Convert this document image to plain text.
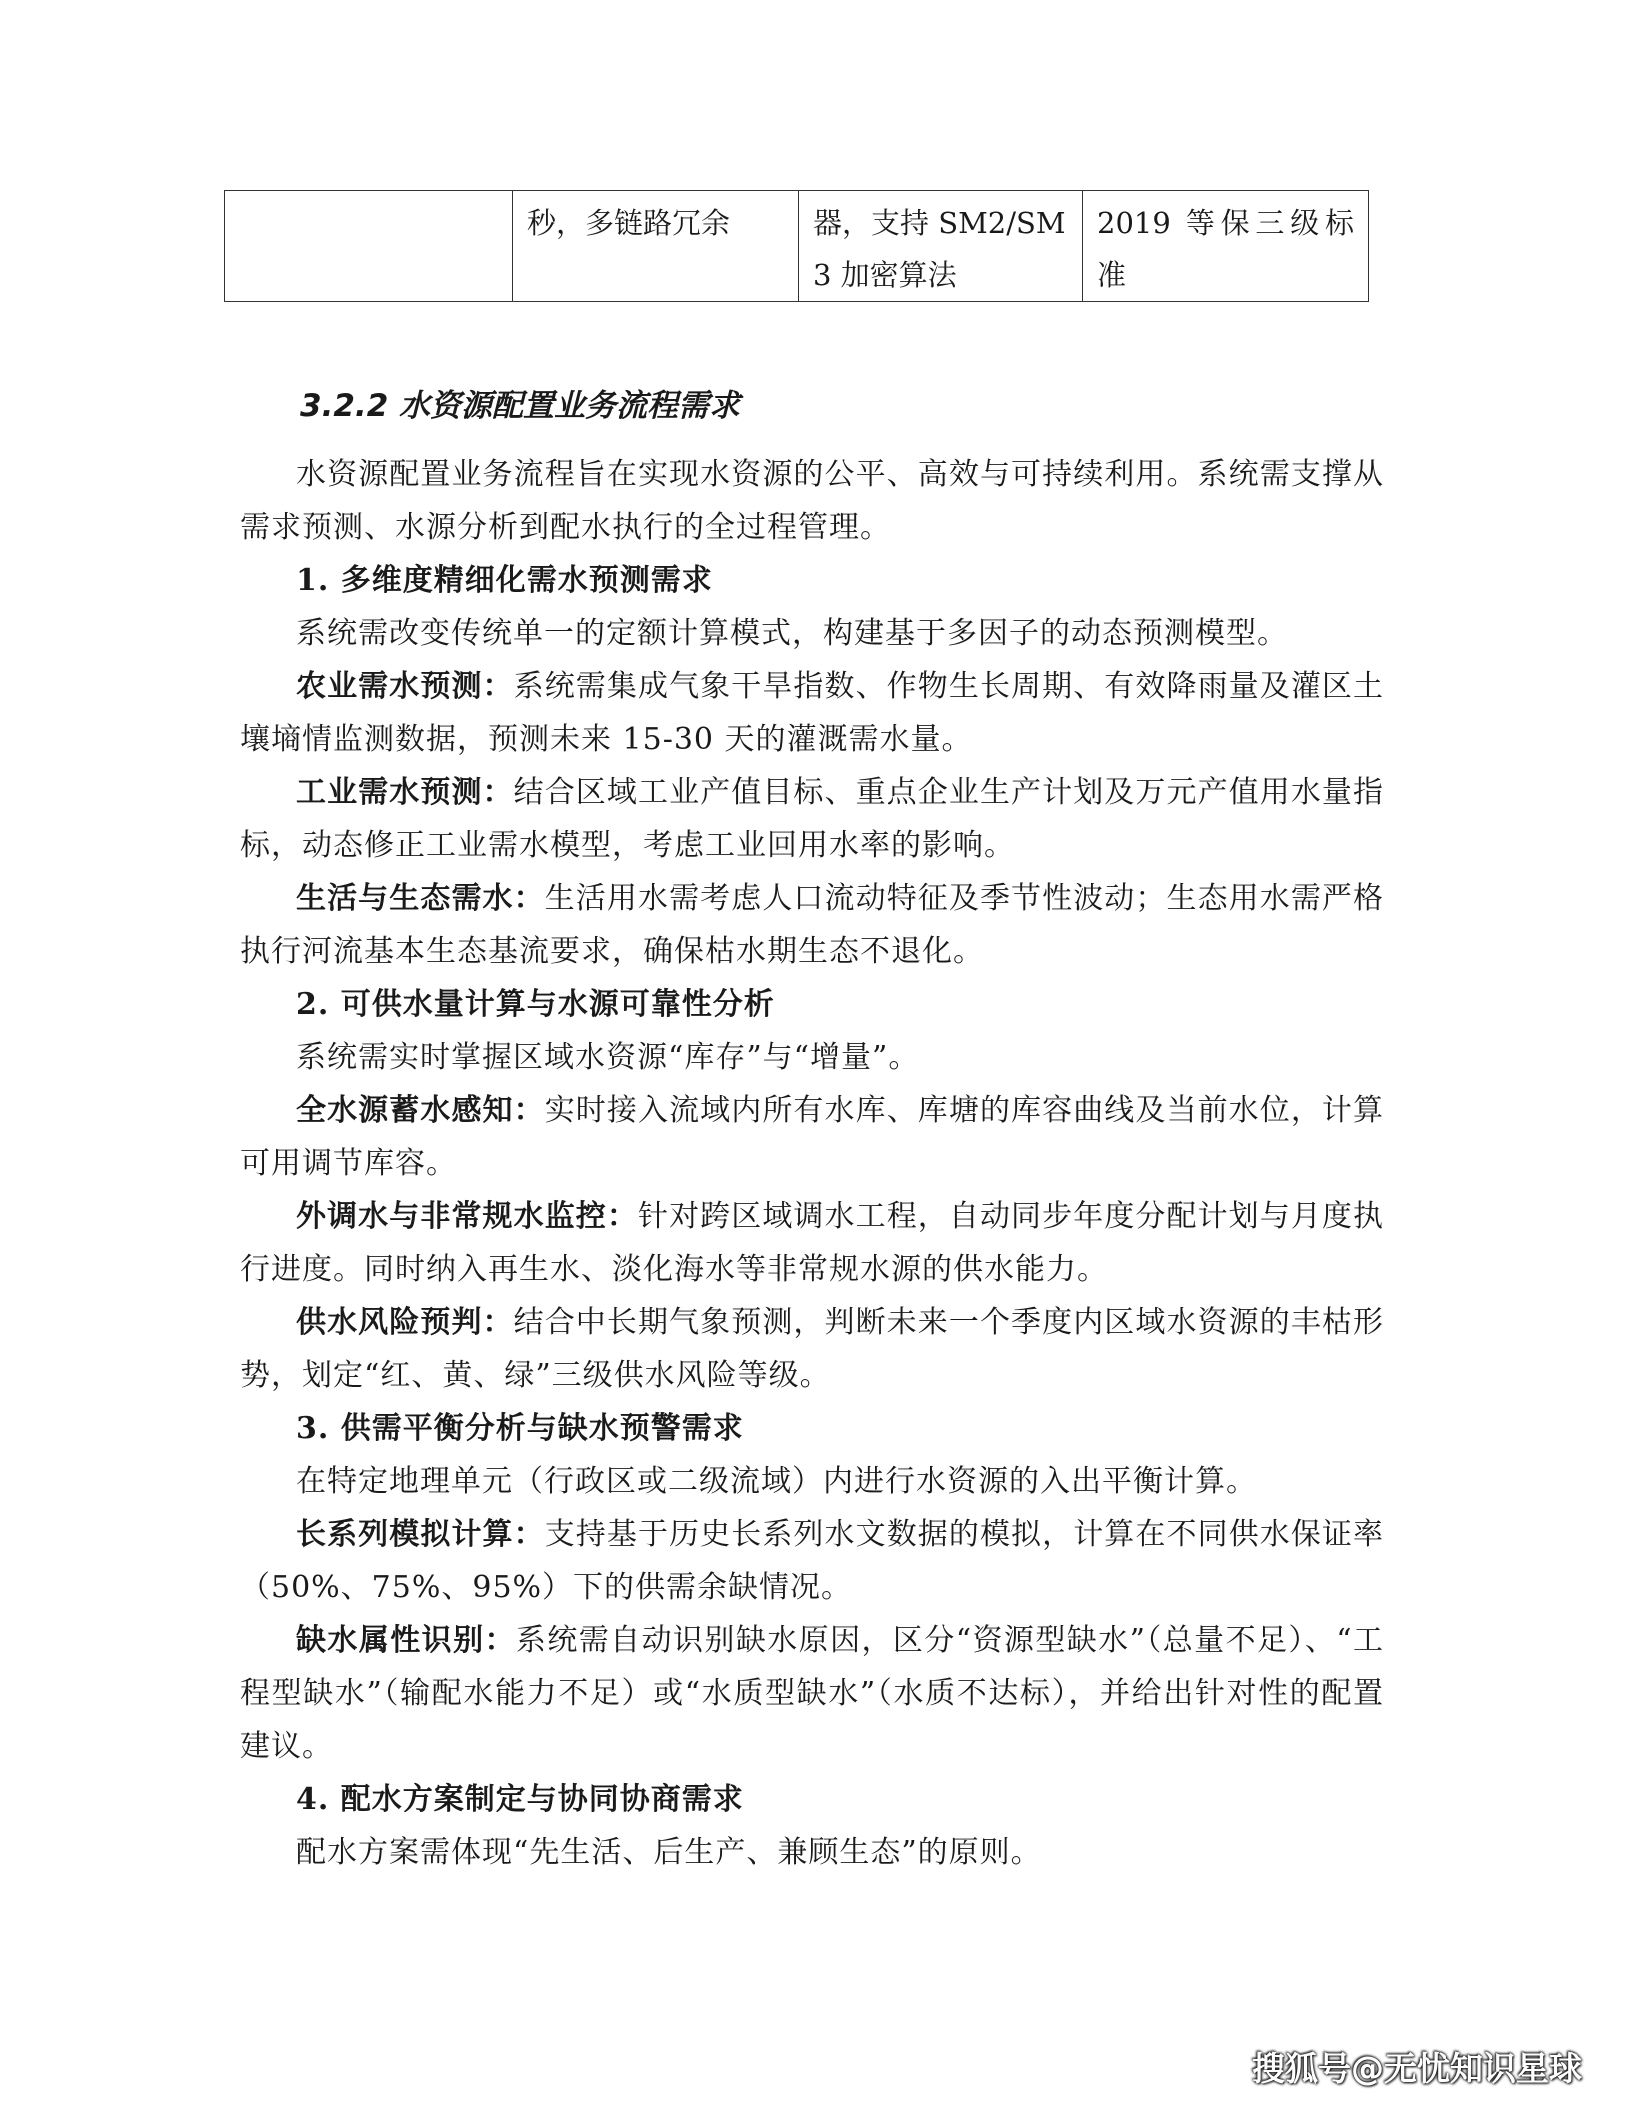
	秒，多链路冗余	器，支持 SM2/SM3 加密算法	2019 等保三级标准
3.2.2 水资源配置业务流程需求

水资源配置业务流程旨在实现水资源的公平、高效与可持续利用。系统需支撑从需求预测、水源分析到配水执行的全过程管理。

1. 多维度精细化需水预测需求

系统需改变传统单一的定额计算模式，构建基于多因子的动态预测模型。

农业需水预测：系统需集成气象干旱指数、作物生长周期、有效降雨量及灌区土壤墒情监测数据，预测未来 15-30 天的灌溉需水量。

工业需水预测：结合区域工业产值目标、重点企业生产计划及万元产值用水量指标，动态修正工业需水模型，考虑工业回用水率的影响。

生活与生态需水：生活用水需考虑人口流动特征及季节性波动；生态用水需严格执行河流基本生态基流要求，确保枯水期生态不退化。

2. 可供水量计算与水源可靠性分析

系统需实时掌握区域水资源“库存”与“增量”。

全水源蓄水感知：实时接入流域内所有水库、库塘的库容曲线及当前水位，计算可用调节库容。

外调水与非常规水监控：针对跨区域调水工程，自动同步年度分配计划与月度执行进度。同时纳入再生水、淡化海水等非常规水源的供水能力。

供水风险预判：结合中长期气象预测，判断未来一个季度内区域水资源的丰枯形势，划定“红、黄、绿”三级供水风险等级。

3. 供需平衡分析与缺水预警需求

在特定地理单元（行政区或二级流域）内进行水资源的入出平衡计算。

长系列模拟计算：支持基于历史长系列水文数据的模拟，计算在不同供水保证率（50%、75%、95%）下的供需余缺情况。

缺水属性识别：系统需自动识别缺水原因，区分“资源型缺水”（总量不足）、“工程型缺水”（输配水能力不足）或“水质型缺水”（水质不达标），并给出针对性的配置建议。

4. 配水方案制定与协同协商需求

配水方案需体现“先生活、后生产、兼顾生态”的原则。

搜狐号@无忧知识星球
